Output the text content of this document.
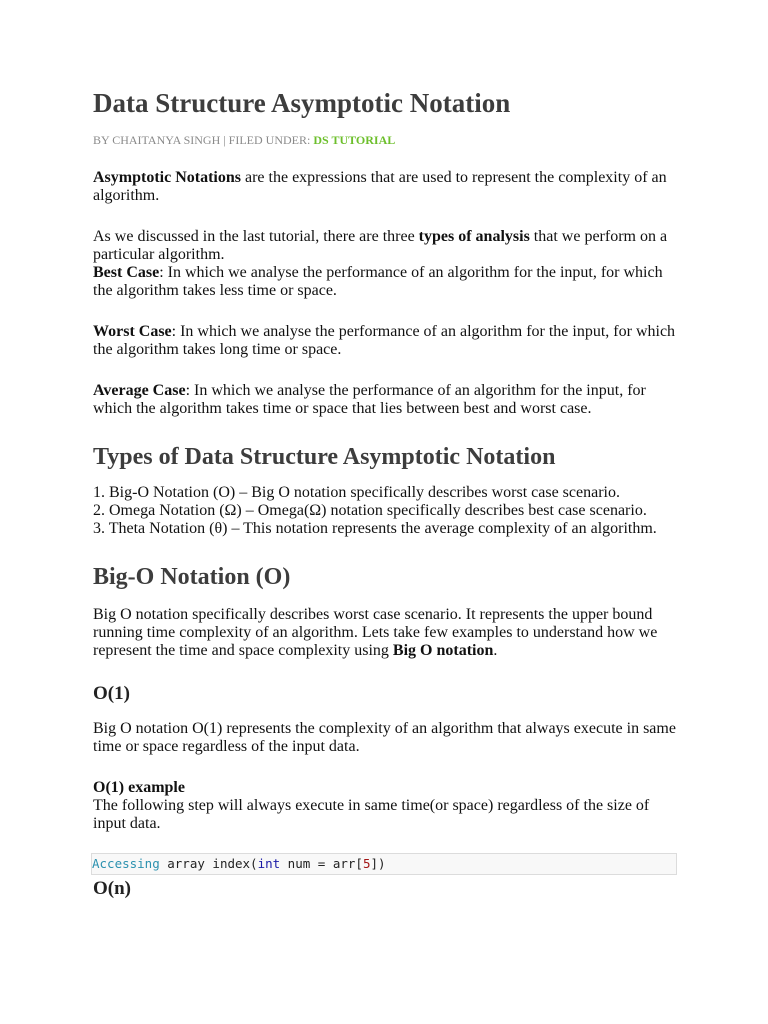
Data Structure Asymptotic Notation
BY CHAITANYA SINGH | FILED UNDER: DS TUTORIAL

Asymptotic Notations are the expressions that are used to represent the complexity of an algorithm.

As we discussed in the last tutorial, there are three types of analysis that we perform on a particular algorithm.

Best Case: In which we analyse the performance of an algorithm for the input, for which the algorithm takes less time or space.

Worst Case: In which we analyse the performance of an algorithm for the input, for which the algorithm takes long time or space.

Average Case: In which we analyse the performance of an algorithm for the input, for which the algorithm takes time or space that lies between best and worst case.

Types of Data Structure Asymptotic Notation

1. Big-O Notation (Ο) – Big O notation specifically describes worst case scenario.

2. Omega Notation (Ω) – Omega(Ω) notation specifically describes best case scenario.

3. Theta Notation (θ) – This notation represents the average complexity of an algorithm.

Big-O Notation (Ο)

Big O notation specifically describes worst case scenario. It represents the upper bound running time complexity of an algorithm. Lets take few examples to understand how we represent the time and space complexity using Big O notation.

O(1)

Big O notation O(1) represents the complexity of an algorithm that always execute in same time or space regardless of the input data.

O(1) example

The following step will always execute in same time(or space) regardless of the size of input data.

Accessing array index(int num = arr[5])
O(n)
